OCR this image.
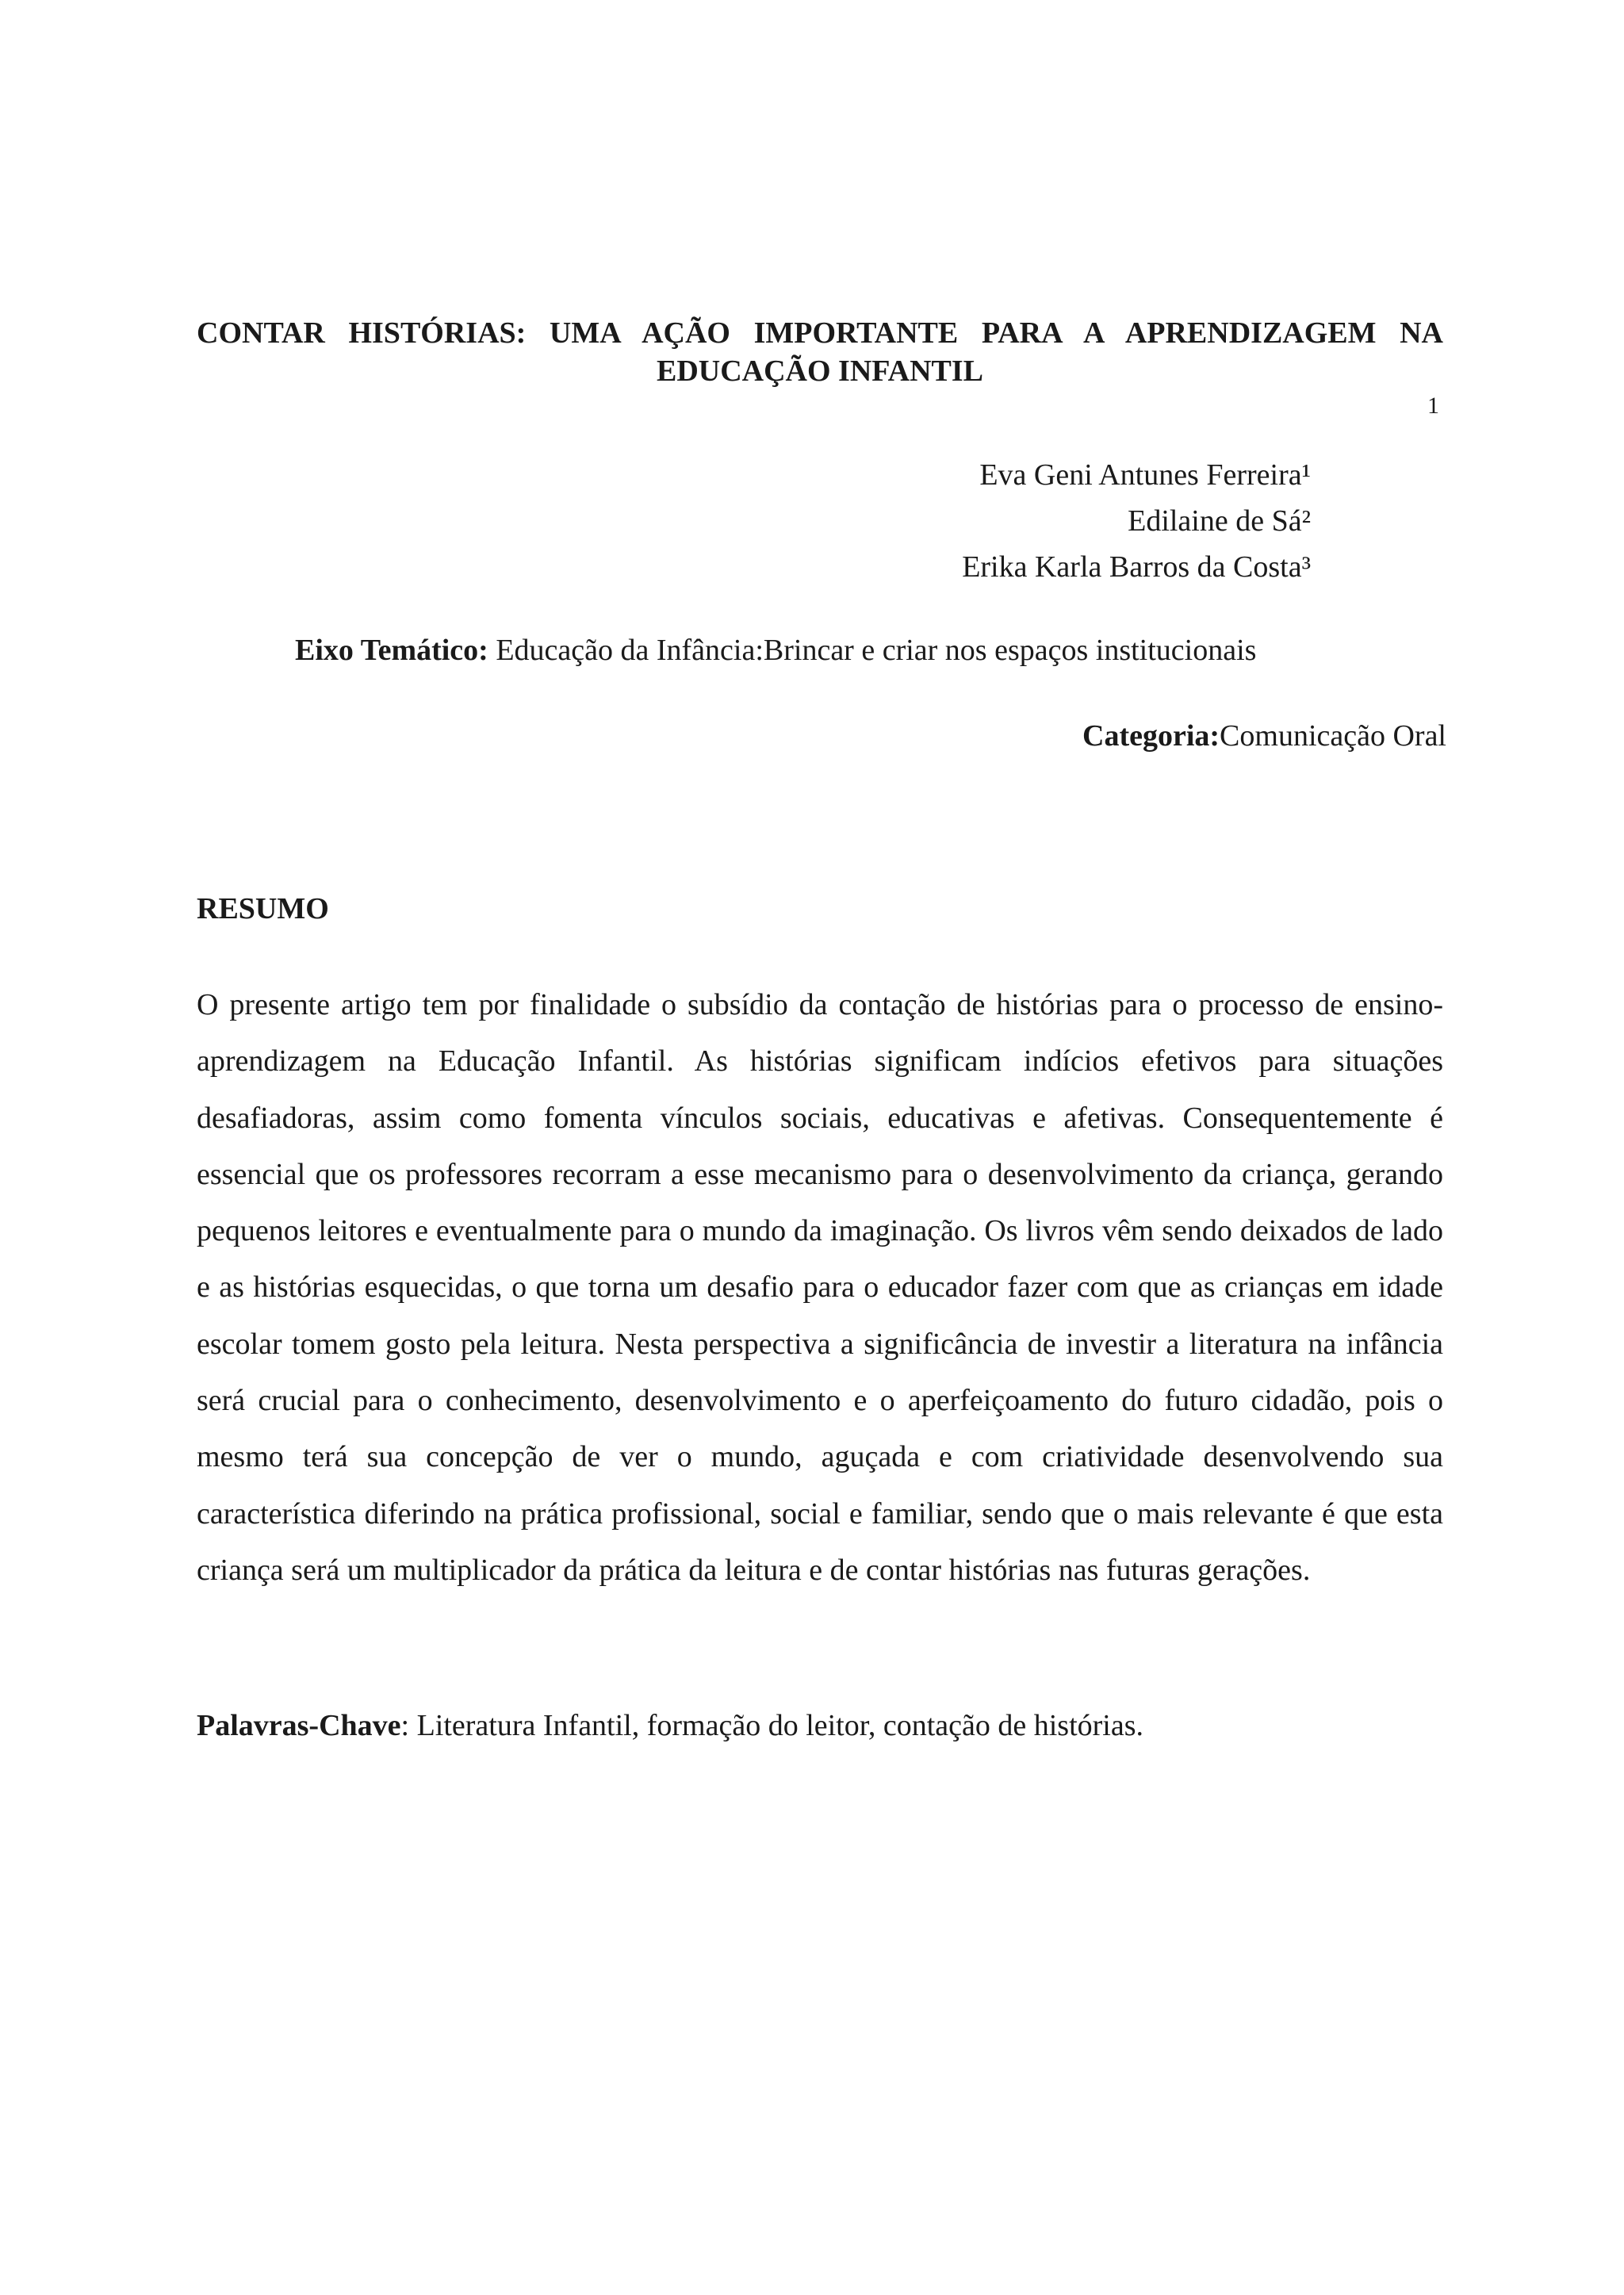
CONTAR HISTÓRIAS: UMA AÇÃO IMPORTANTE PARA A APRENDIZAGEM NA
EDUCAÇÃO INFANTIL
1
Eva Geni Antunes Ferreira¹
Edilaine de Sá²
Erika Karla Barros da Costa³
Eixo Temático: Educação da Infância:Brincar e criar nos espaços institucionais
Categoria:Comunicação Oral
RESUMO
O presente artigo tem por finalidade o subsídio da contação de histórias para o processo de ensino-aprendizagem na Educação Infantil. As histórias significam indícios efetivos para situações desafiadoras, assim como fomenta vínculos sociais, educativas e afetivas. Consequentemente é essencial que os professores recorram a esse mecanismo para o desenvolvimento da criança, gerando pequenos leitores e eventualmente para o mundo da imaginação. Os livros vêm sendo deixados de lado e as histórias esquecidas, o que torna um desafio para o educador fazer com que as crianças em idade escolar tomem gosto pela leitura. Nesta perspectiva a significância de investir a literatura na infância será crucial para o conhecimento, desenvolvimento e o aperfeiçoamento do futuro cidadão, pois o mesmo terá sua concepção de ver o mundo, aguçada e com criatividade desenvolvendo sua característica diferindo na prática profissional, social e familiar, sendo que o mais relevante é que esta criança será um multiplicador da prática da leitura e de contar histórias nas futuras gerações.
Palavras-Chave: Literatura Infantil, formação do leitor, contação de histórias.
